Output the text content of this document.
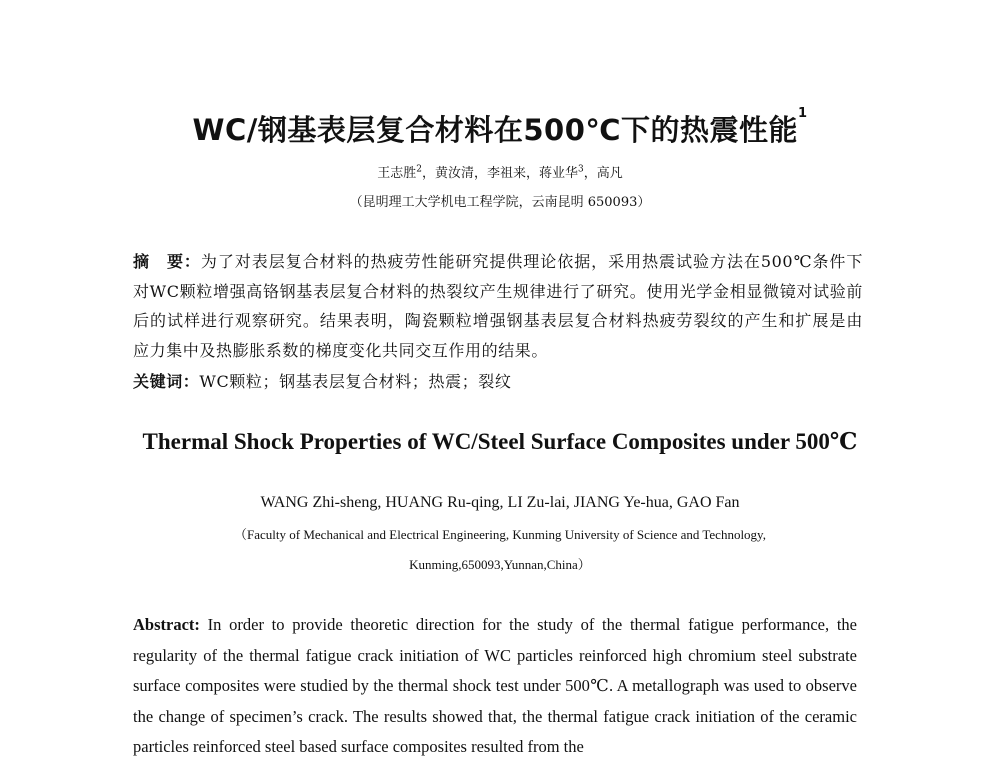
WC/钢基表层复合材料在500℃下的热震性能$^1$
王志胜$^2$，黄汝清，李祖来，蒋业华$^3$，高凡
（昆明理工大学机电工程学院，云南昆明 650093）
摘　要：为了对表层复合材料的热疲劳性能研究提供理论依据，采用热震试验方法在500℃条件下对WC颗粒增强高铬钢基表层复合材料的热裂纹产生规律进行了研究。使用光学金相显微镜对试验前后的试样进行观察研究。结果表明，陶瓷颗粒增强钢基表层复合材料热疲劳裂纹的产生和扩展是由应力集中及热膨胀系数的梯度变化共同交互作用的结果。
关键词：WC颗粒；钢基表层复合材料；热震；裂纹
Thermal Shock Properties of WC/Steel Surface Composites under 500℃
WANG Zhi-sheng, HUANG Ru-qing, LI Zu-lai, JIANG Ye-hua, GAO Fan
（Faculty of Mechanical and Electrical Engineering, Kunming University of Science and Technology,
Kunming,650093,Yunnan,China）
Abstract: In order to provide theoretic direction for the study of the thermal fatigue performance, the regularity of the thermal fatigue crack initiation of WC particles reinforced high chromium steel substrate surface composites were studied by the thermal shock test under 500℃. A metallograph was used to observe the change of specimen’s crack. The results showed that, the thermal fatigue crack initiation of the ceramic particles reinforced steel based surface composites resulted from the
